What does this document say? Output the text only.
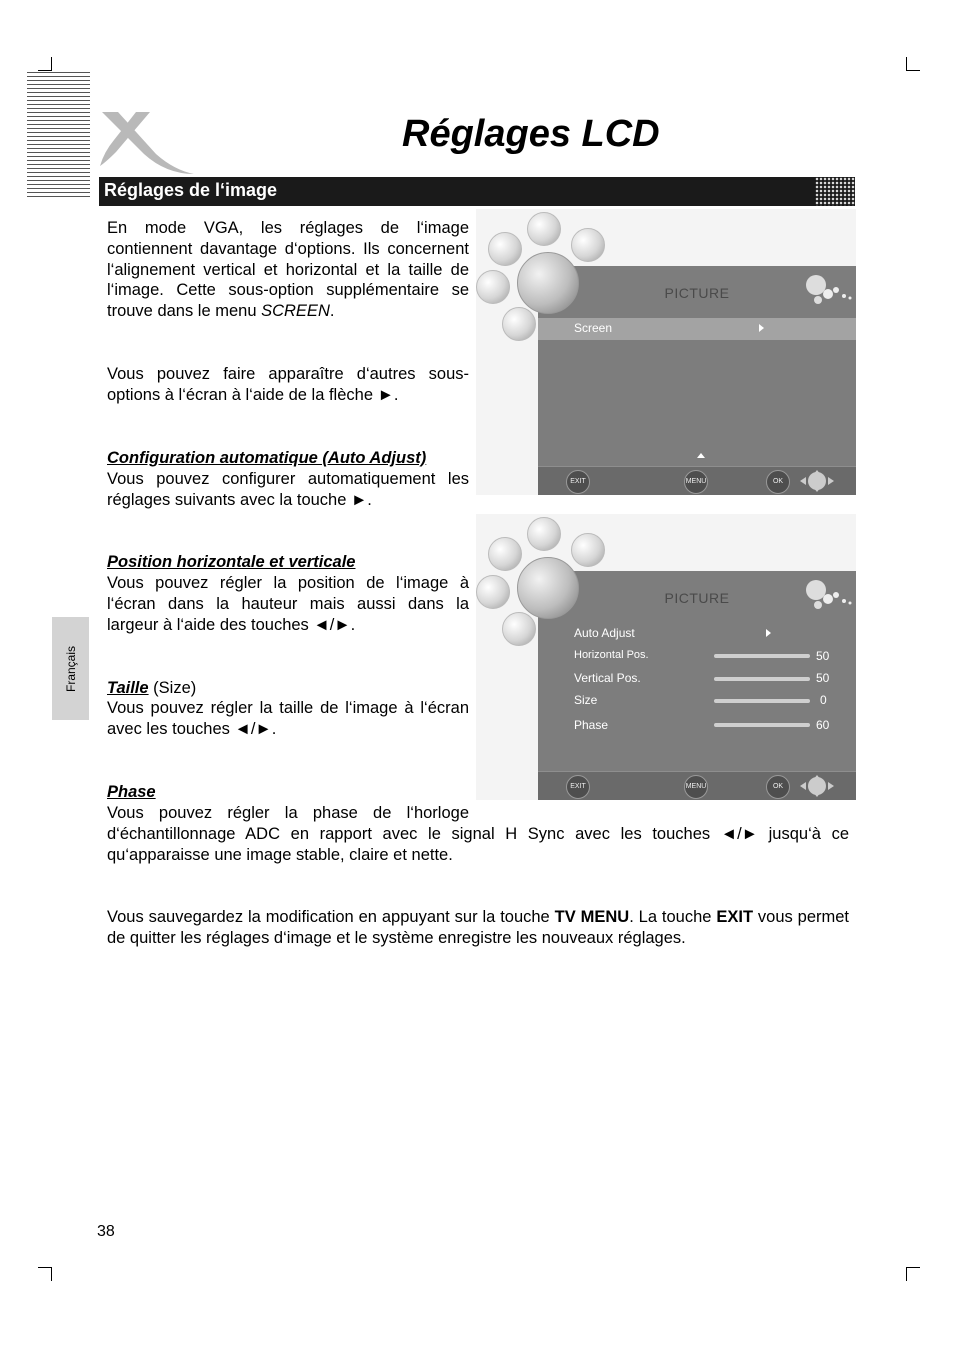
Réglages LCD
Réglages de l‘image
En mode VGA, les réglages de l‘image contiennent davantage d‘options. Ils concernent l‘alignement vertical et horizontal et la taille de l‘image. Cette sous-option supplémentaire se trouve dans le menu SCREEN.
Vous pouvez faire apparaître d‘autres sous-options à l‘écran à l‘aide de la flèche ►.
Configuration automatique (Auto Adjust)
Vous pouvez configurer automatiquement les réglages suivants avec la touche ►.
Position horizontale et verticale
Vous pouvez régler la position de l‘image à l‘écran dans la hauteur mais aussi dans la largeur à l‘aide des touches ◄/►.
Taille (Size)
Vous pouvez régler la taille de l‘image à l‘écran avec les touches ◄/►.
Phase
Vous pouvez régler la phase de l‘horloge
d‘échantillonnage ADC en rapport avec le signal H Sync avec les touches ◄/► jusqu‘à ce qu‘apparaisse une image stable, claire et nette.
Vous sauvegardez la modification en appuyant sur la touche TV MENU. La touche EXIT vous permet de quitter les réglages d‘image et le système enregistre les nouveaux réglages.
PICTURE
Screen
EXIT	MENU	OK
PICTURE
Auto Adjust
Horizontal Pos.	50
Vertical Pos.	50
Size	0
Phase	60
EXIT	MENU	OK
Français
38
